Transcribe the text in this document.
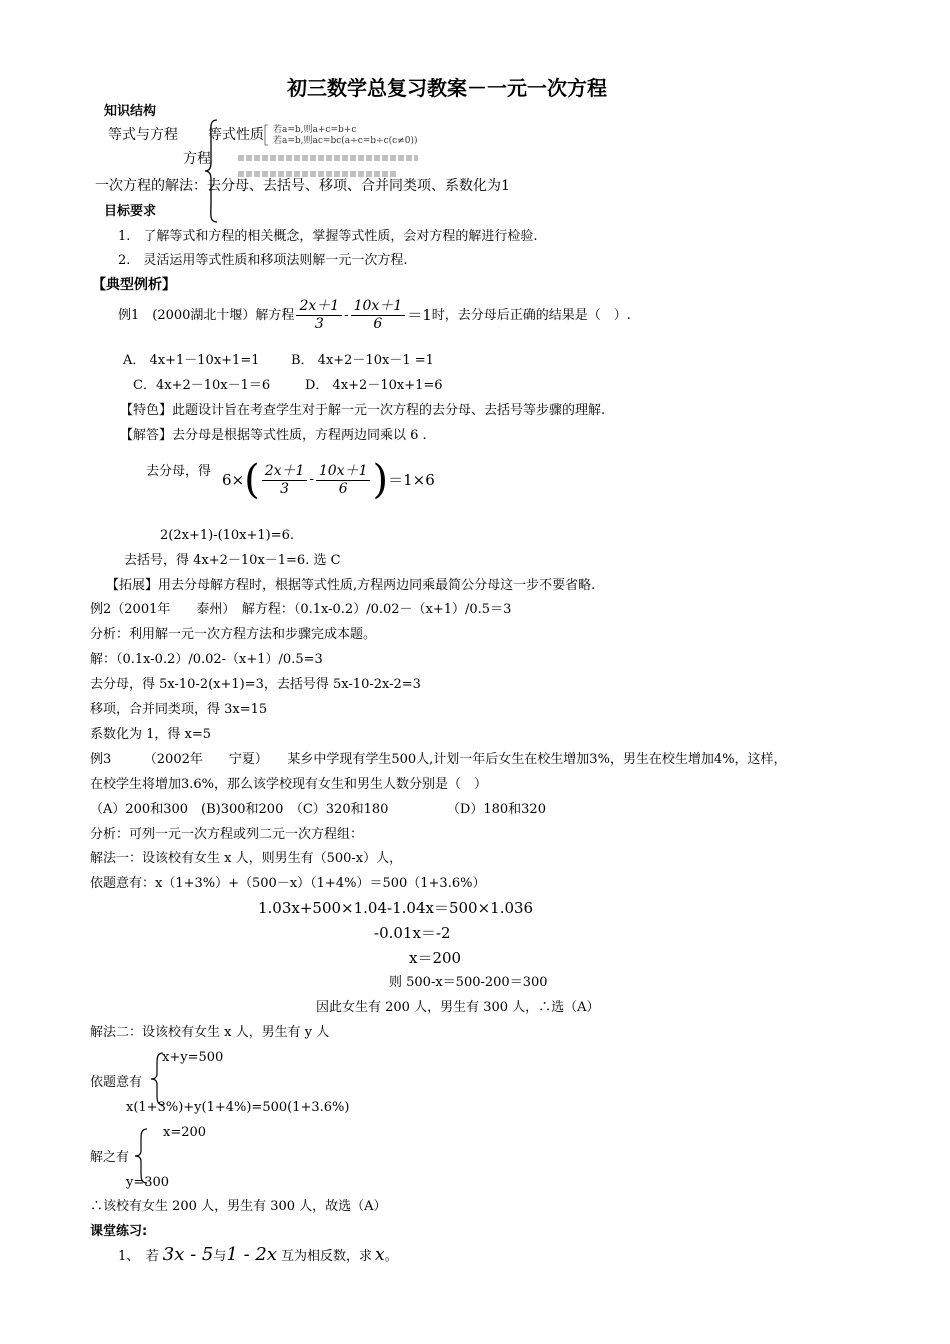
初三数学总复习教案－一元一次方程
知识结构
等式与方程 等式性质 若a=b,则a+c=b+c
若a=b,则ac=bc(a÷c=b÷c(c≠0))
方程

一次方程的解法：去分母、去括号、移项、合并同类项、系数化为1
目标要求
1.　了解等式和方程的相关概念，掌握等式性质，会对方程的解进行检验.
2.　灵活运用等式性质和移项法则解一元一次方程.
【典型例析】
例1　(2000湖北十堰）解方程 $\frac{2x+1}{3} - \frac{10x+1}{6} =1$ 时，去分母后正确的结果是（　）.
A． 4x+1－10x+1=1 B． 4x+2－10x－1 =1
C．4x+2－10x－1＝6	D． 4x+2－10x+1=6
【特色】此题设计旨在考查学生对于解一元一次方程的去分母、去括号等步骤的理解.
【解答】去分母是根据等式性质，方程两边同乘以 6 .
去分母，得 6× ( $\frac{2x+1}{3} - \frac{10x+1}{6}$ ) ＝1×6
2(2x+1)-(10x+1)=6.
去括号，得 4x+2－10x－1=6. 选 C
【拓展】用去分母解方程时，根据等式性质,方程两边同乘最简公分母这一步不要省略.
例2（2001年　　泰州）　解方程：（0.1x-0.2）/0.02－（x+1）/0.5＝3
分析：利用解一元一次方程方法和步骤完成本题。
解：（0.1x-0.2）/0.02-（x+1）/0.5=3
去分母，得 5x-10-2(x+1)=3，去括号得 5x-10-2x-2=3
移项，合并同类项，得 3x=15
系数化为 1，得 x=5
例3　　　（2002年　　宁夏）　　某乡中学现有学生500人,计划一年后女生在校生增加3%，男生在校生增加4%，这样，
在校学生将增加3.6%，那么该学校现有女生和男生人数分别是（　）
（A）200和300　(B)300和200　（C）320和180　　　　　（D）180和320
分析：可列一元一次方程或列二元一次方程组：
解法一：设该校有女生 x 人，则男生有（500-x）人，
依题意有：x（1+3%）+（500－x）（1+4%）＝500（1+3.6%）
1.03x+500×1.04-1.04x＝500×1.036
-0.01x＝-2
x＝200
则 500-x＝500-200＝300
因此女生有 200 人，男生有 300 人，∴选（A）
解法二：设该校有女生 x 人，男生有 y 人
x+y=500
依题意有
x(1+3%)+y(1+4%)=500(1+3.6%)
x=200
解之有
y=300
∴该校有女生 200 人，男生有 300 人，故选（A）
课堂练习:
1、　若 3x - 5 与 1 - 2x 互为相反数，求 x 。
